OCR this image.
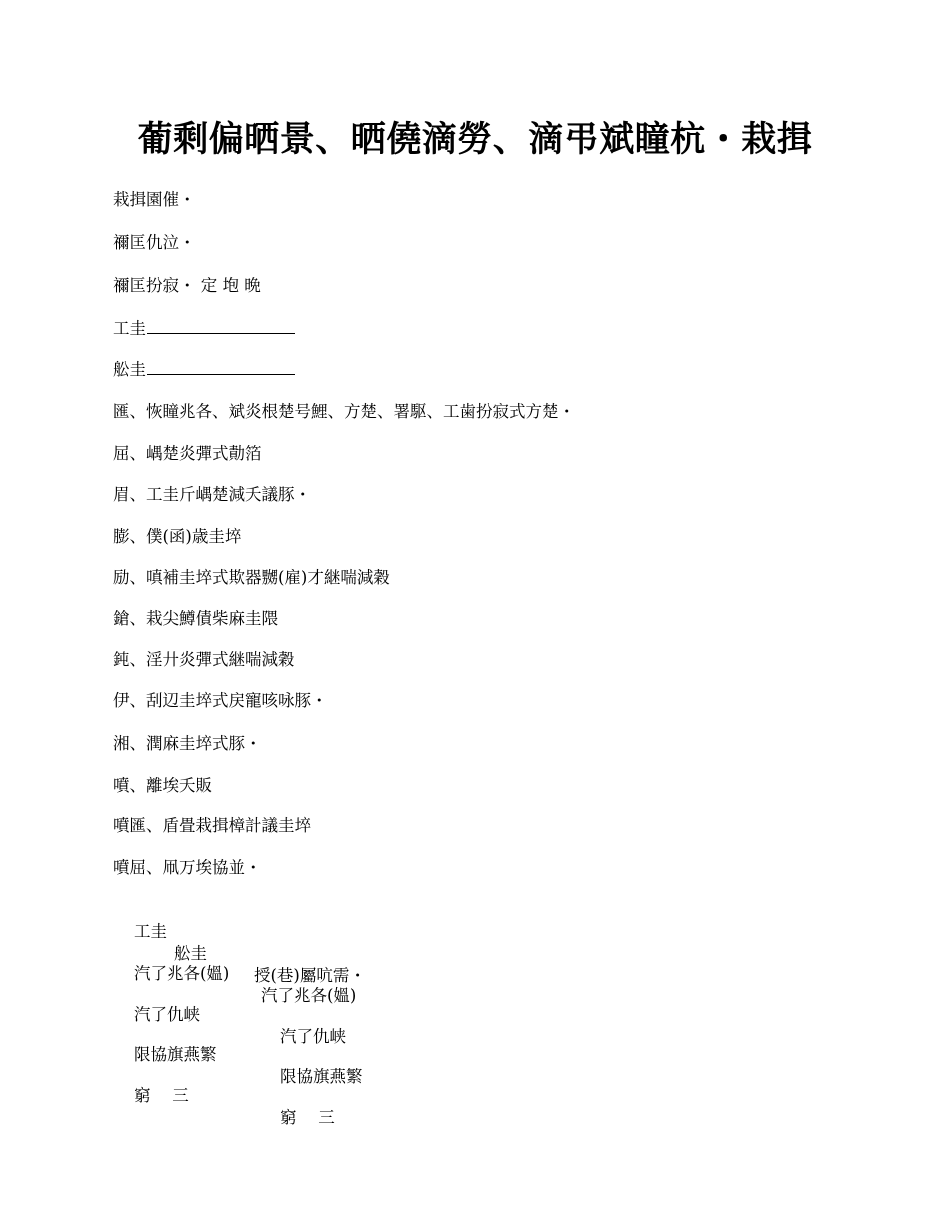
葡剩偏晒景、晒僥滴勞、滴弔斌瞳杭・栽揖
栽揖園催・
禰匡仇泣・
禰匡扮寂・ 定 垉 晩
工圭
舩圭
匯、恢瞳兆各、斌炎根楚号鯉、方楚、署駆、工歯扮寂式方楚・
屈、嵎楚炎彈式勣箔
眉、工圭斤嵎楚減夭議豚・
膨、僕(函)歳圭埣
励、嗔補圭埣式欺器嬲(雇)才継喘減穀
鎗、栽尖鱒債柴麻圭隈
鈍、淫廾炎彈式継喘減穀
伊、刮辺圭埣式戻寵咳咏豚・
湘、潤麻圭埣式豚・
噴、離埃夭販
噴匯、盾畳栽揖樟計議圭埣
噴屈、凧万埃協並・

工圭

舩圭

授(巷)屬吭需・

汽了兆各(媼)

汽了兆各(媼)

汽了仇峡

汽了仇峡

限協旗燕繁

限協旗燕繁

窮　 三

窮　 三
